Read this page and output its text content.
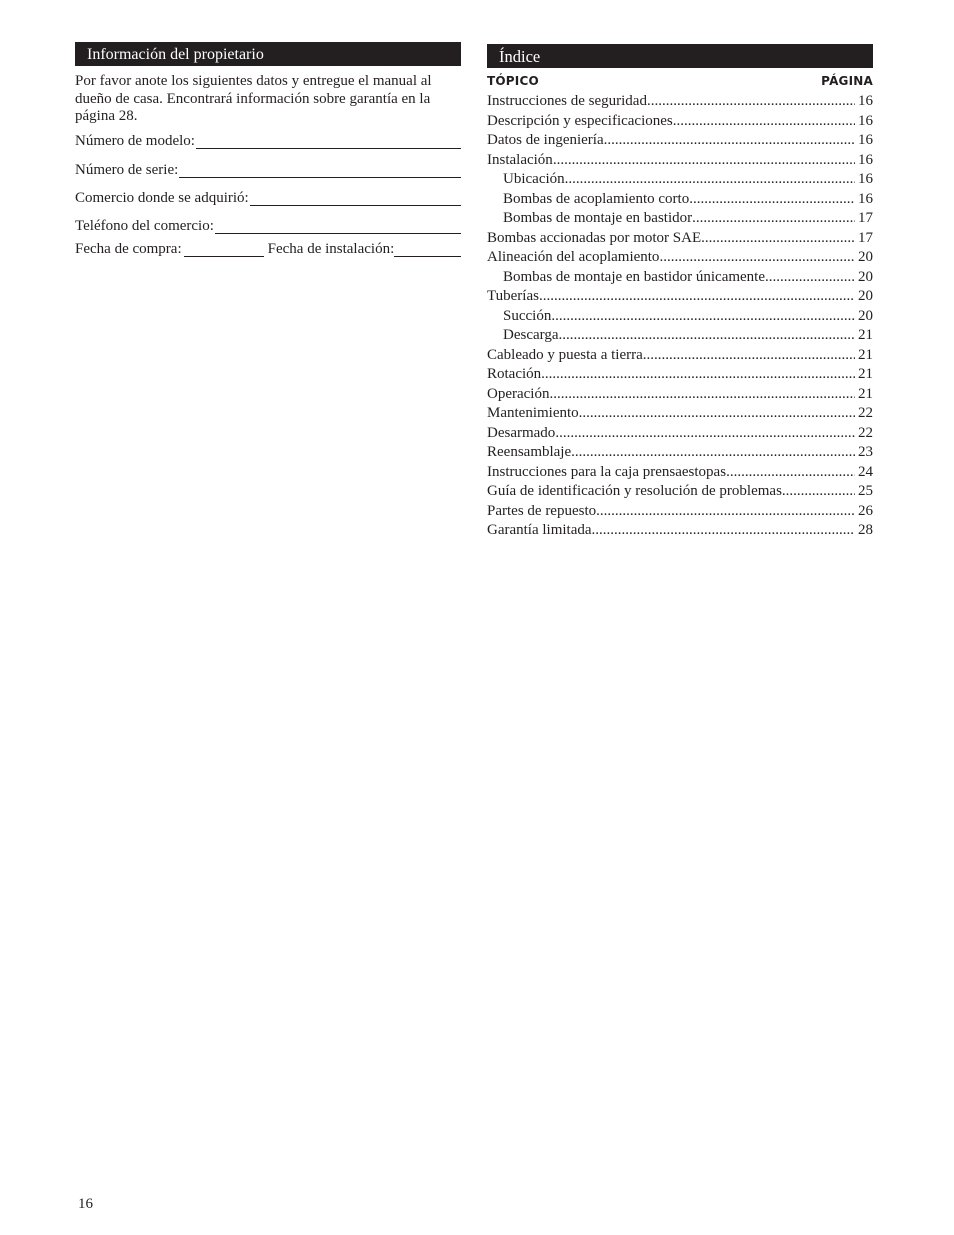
Información del propietario
Por favor anote los siguientes datos y entregue el manual al dueño de casa. Encontrará información sobre garantía en la página 28.
Número de modelo:
Número de serie:
Comercio donde se adquirió:
Teléfono del comercio:
Fecha de compra:	Fecha de instalación:
Índice
TÓPICO	PÁGINA
Instrucciones de seguridad .....	16
Descripción y especificaciones .....	16
Datos de ingeniería .....	16
Instalación .....	16
Ubicación .....	16
Bombas de acoplamiento corto .....	16
Bombas de montaje en bastidor .....	17
Bombas accionadas por motor SAE .....	17
Alineación del acoplamiento .....	20
Bombas de montaje en bastidor únicamente .....	20
Tuberías .....	20
Succión .....	20
Descarga .....	21
Cableado y puesta a tierra .....	21
Rotación .....	21
Operación .....	21
Mantenimiento .....	22
Desarmado .....	22
Reensamblaje .....	23
Instrucciones para la caja prensaestopas .....	24
Guía de identificación y resolución de problemas .....	25
Partes de repuesto .....	26
Garantía limitada .....	28
16
